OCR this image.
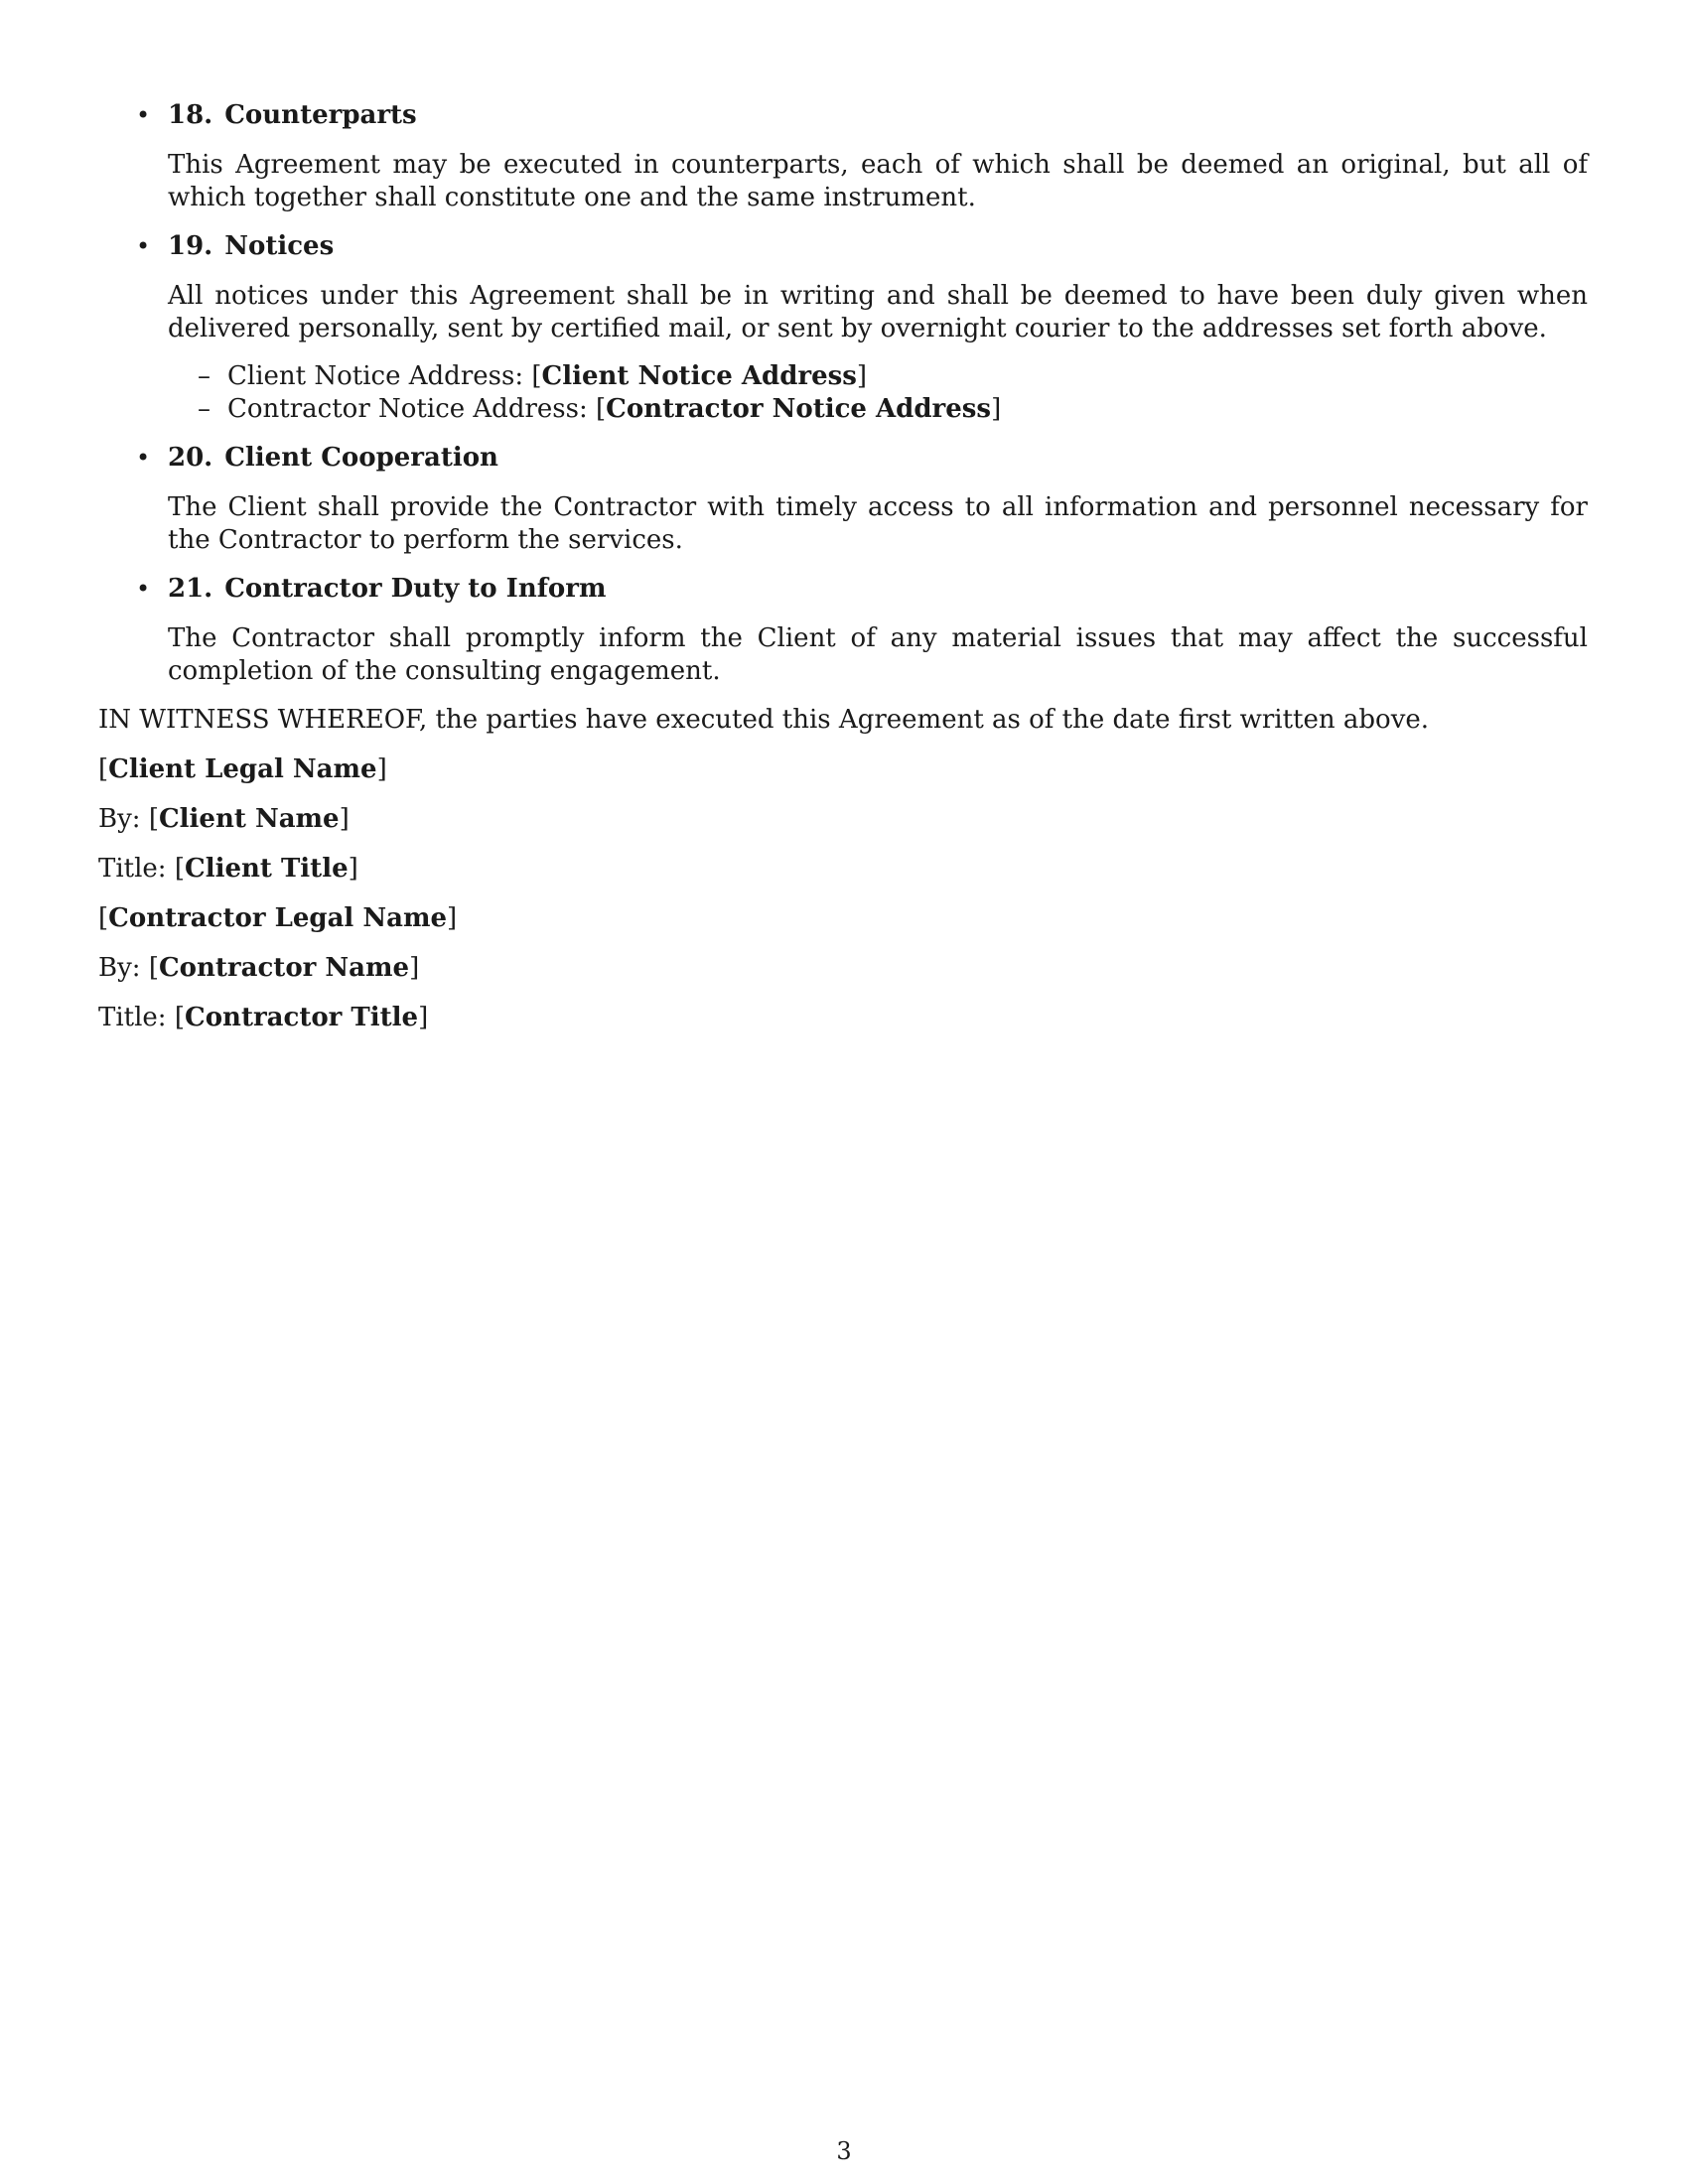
• 18. Counterparts

This Agreement may be executed in counterparts, each of which shall be deemed an original, but all of which together shall constitute one and the same instrument.

• 19. Notices

All notices under this Agreement shall be in writing and shall be deemed to have been duly given when delivered personally, sent by certified mail, or sent by overnight courier to the addresses set forth above.

– Client Notice Address: [Client Notice Address]
– Contractor Notice Address: [Contractor Notice Address]
• 20. Client Cooperation

The Client shall provide the Contractor with timely access to all information and personnel necessary for the Contractor to perform the services.

• 21. Contractor Duty to Inform

The Contractor shall promptly inform the Client of any material issues that may affect the successful completion of the consulting engagement.

IN WITNESS WHEREOF, the parties have executed this Agreement as of the date first written above.

[Client Legal Name]

By: [Client Name]

Title: [Client Title]

[Contractor Legal Name]

By: [Contractor Name]

Title: [Contractor Title]

3
